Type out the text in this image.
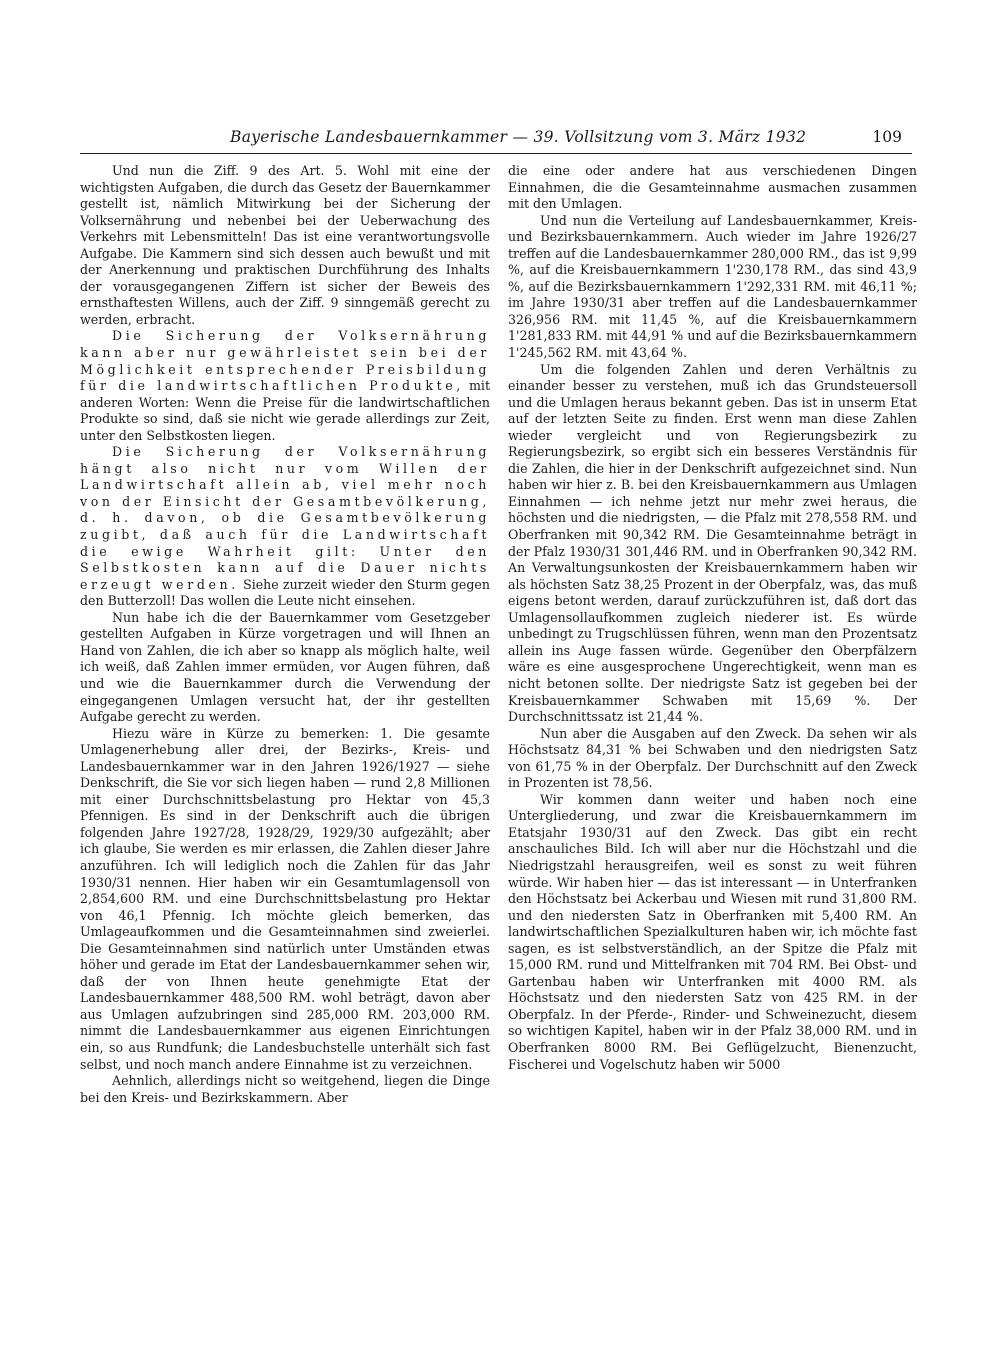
Bayerische Landesbauernkammer — 39. Vollsitzung vom 3. März 1932	109

Und nun die Ziff. 9 des Art. 5. Wohl mit eine der wichtigsten Aufgaben, die durch das Gesetz der Bauernkammer gestellt ist, nämlich Mitwirkung bei der Sicherung der Volksernährung und nebenbei bei der Ueberwachung des Verkehrs mit Lebensmitteln! Das ist eine verantwortungsvolle Aufgabe. Die Kammern sind sich dessen auch bewußt und mit der Anerkennung und praktischen Durchführung des Inhalts der vorausgegangenen Ziffern ist sicher der Beweis des ernsthaftesten Willens, auch der Ziff. 9 sinngemäß gerecht zu werden, erbracht.

Die Sicherung der Volksernährung kann aber nur gewährleistet sein bei der Möglichkeit entsprechender Preisbildung für die landwirtschaftlichen Produkte, mit anderen Worten: Wenn die Preise für die landwirtschaftlichen Produkte so sind, daß sie nicht wie gerade allerdings zur Zeit, unter den Selbstkosten liegen.

Die Sicherung der Volksernährung hängt also nicht nur vom Willen der Landwirtschaft allein ab, viel mehr noch von der Einsicht der Gesamtbevölkerung, d. h. davon, ob die Gesamtbevölkerung zugibt, daß auch für die Landwirtschaft die ewige Wahrheit gilt: Unter den Selbstkosten kann auf die Dauer nichts erzeugt werden. Siehe zurzeit wieder den Sturm gegen den Butterzoll! Das wollen die Leute nicht einsehen.

Nun habe ich die der Bauernkammer vom Gesetzgeber gestellten Aufgaben in Kürze vorgetragen und will Ihnen an Hand von Zahlen, die ich aber so knapp als möglich halte, weil ich weiß, daß Zahlen immer ermüden, vor Augen führen, daß und wie die Bauernkammer durch die Verwendung der eingegangenen Umlagen versucht hat, der ihr gestellten Aufgabe gerecht zu werden.

Hiezu wäre in Kürze zu bemerken: 1. Die gesamte Umlagenerhebung aller drei, der Bezirks-, Kreis- und Landesbauernkammer war in den Jahren 1926/1927 — siehe Denkschrift, die Sie vor sich liegen haben — rund 2,8 Millionen mit einer Durchschnittsbelastung pro Hektar von 45,3 Pfennigen. Es sind in der Denkschrift auch die übrigen folgenden Jahre 1927/28, 1928/29, 1929/30 aufgezählt; aber ich glaube, Sie werden es mir erlassen, die Zahlen dieser Jahre anzuführen. Ich will lediglich noch die Zahlen für das Jahr 1930/31 nennen. Hier haben wir ein Gesamtumlagensoll von 2,854,600 RM. und eine Durchschnittsbelastung pro Hektar von 46,1 Pfennig. Ich möchte gleich bemerken, das Umlageaufkommen und die Gesamteinnahmen sind zweierlei. Die Gesamteinnahmen sind natürlich unter Umständen etwas höher und gerade im Etat der Landesbauernkammer sehen wir, daß der von Ihnen heute genehmigte Etat der Landesbauernkammer 488,500 RM. wohl beträgt, davon aber aus Umlagen aufzubringen sind 285,000 RM. 203,000 RM. nimmt die Landesbauernkammer aus eigenen Einrichtungen ein, so aus Rundfunk; die Landesbuchstelle unterhält sich fast selbst, und noch manch andere Einnahme ist zu verzeichnen.

Aehnlich, allerdings nicht so weitgehend, liegen die Dinge bei den Kreis- und Bezirkskammern. Aber

die eine oder andere hat aus verschiedenen Dingen Einnahmen, die die Gesamteinnahme ausmachen zusammen mit den Umlagen.

Und nun die Verteilung auf Landesbauernkammer, Kreis- und Bezirksbauernkammern. Auch wieder im Jahre 1926/27 treffen auf die Landesbauernkammer 280,000 RM., das ist 9,99 %, auf die Kreisbauernkammern 1'230,178 RM., das sind 43,9 %, auf die Bezirksbauernkammern 1'292,331 RM. mit 46,11 %; im Jahre 1930/31 aber treffen auf die Landesbauernkammer 326,956 RM. mit 11,45 %, auf die Kreisbauernkammern 1'281,833 RM. mit 44,91 % und auf die Bezirksbauernkammern 1'245,562 RM. mit 43,64 %.

Um die folgenden Zahlen und deren Verhältnis zu einander besser zu verstehen, muß ich das Grundsteuersoll und die Umlagen heraus bekannt geben. Das ist in unserm Etat auf der letzten Seite zu finden. Erst wenn man diese Zahlen wieder vergleicht und von Regierungsbezirk zu Regierungsbezirk, so ergibt sich ein besseres Verständnis für die Zahlen, die hier in der Denkschrift aufgezeichnet sind. Nun haben wir hier z. B. bei den Kreisbauernkammern aus Umlagen Einnahmen — ich nehme jetzt nur mehr zwei heraus, die höchsten und die niedrigsten, — die Pfalz mit 278,558 RM. und Oberfranken mit 90,342 RM. Die Gesamteinnahme beträgt in der Pfalz 1930/31 301,446 RM. und in Oberfranken 90,342 RM. An Verwaltungsunkosten der Kreisbauernkammern haben wir als höchsten Satz 38,25 Prozent in der Oberpfalz, was, das muß eigens betont werden, darauf zurückzuführen ist, daß dort das Umlagensollaufkommen zugleich niederer ist. Es würde unbedingt zu Trugschlüssen führen, wenn man den Prozentsatz allein ins Auge fassen würde. Gegenüber den Oberpfälzern wäre es eine ausgesprochene Ungerechtigkeit, wenn man es nicht betonen sollte. Der niedrigste Satz ist gegeben bei der Kreisbauernkammer Schwaben mit 15,69 %. Der Durchschnittssatz ist 21,44 %.

Nun aber die Ausgaben auf den Zweck. Da sehen wir als Höchstsatz 84,31 % bei Schwaben und den niedrigsten Satz von 61,75 % in der Oberpfalz. Der Durchschnitt auf den Zweck in Prozenten ist 78,56.

Wir kommen dann weiter und haben noch eine Untergliederung, und zwar die Kreisbauernkammern im Etatsjahr 1930/31 auf den Zweck. Das gibt ein recht anschauliches Bild. Ich will aber nur die Höchstzahl und die Niedrigstzahl herausgreifen, weil es sonst zu weit führen würde. Wir haben hier — das ist interessant — in Unterfranken den Höchstsatz bei Ackerbau und Wiesen mit rund 31,800 RM. und den niedersten Satz in Oberfranken mit 5,400 RM. An landwirtschaftlichen Spezialkulturen haben wir, ich möchte fast sagen, es ist selbstverständlich, an der Spitze die Pfalz mit 15,000 RM. rund und Mittelfranken mit 704 RM. Bei Obst- und Gartenbau haben wir Unterfranken mit 4000 RM. als Höchstsatz und den niedersten Satz von 425 RM. in der Oberpfalz. In der Pferde-, Rinder- und Schweinezucht, diesem so wichtigen Kapitel, haben wir in der Pfalz 38,000 RM. und in Oberfranken 8000 RM. Bei Geflügelzucht, Bienenzucht, Fischerei und Vogelschutz haben wir 5000
